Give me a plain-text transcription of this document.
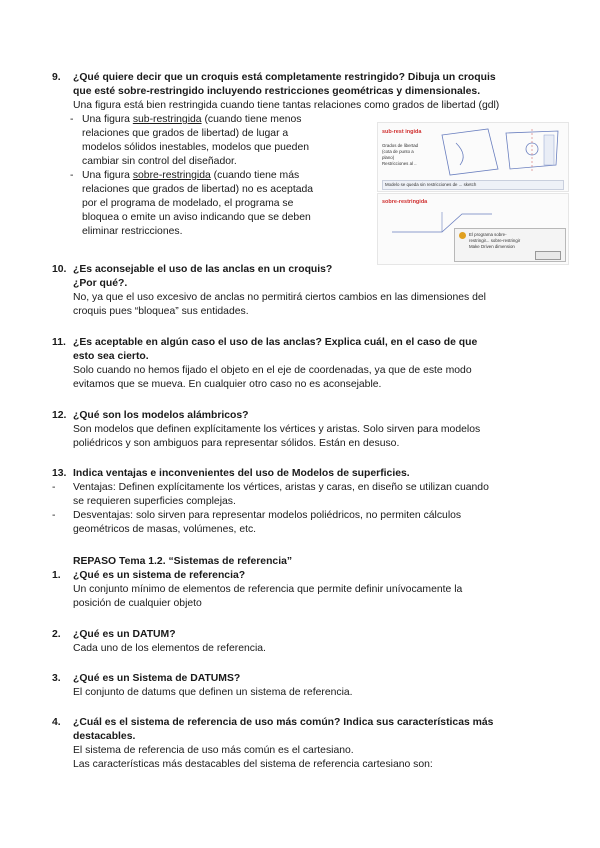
9. ¿Qué quiere decir que un croquis está completamente restringido? Dibuja un croquis
que esté sobre-restringido incluyendo restricciones geométricas y dimensionales.
Una figura está bien restringida cuando tiene tantas relaciones como grados de libertad (gdl)
- Una figura sub-restringida (cuando tiene menos
relaciones que grados de libertad) de lugar a
modelos sólidos inestables, modelos que pueden
cambiar sin control del diseñador.
- Una figura sobre-restringida (cuando tiene más
relaciones que grados de libertad) no es aceptada
por el programa de modelado, el programa se
bloquea o emite un aviso indicando que se deben
eliminar restricciones.
sub-rest ingida
Grados de libertad
(cota de punto a
plano)
Restricciones al ..
Modelo se queda sin restricciones de ... sketch
sobre-restringida
El programa sobre-
restringir... sobre-restringir
Make Driven dimension
10. ¿Es aconsejable el uso de las anclas en un croquis?
¿Por qué?.
No, ya que el uso excesivo de anclas no permitirá ciertos cambios en las dimensiones del
croquis pues “bloquea” sus entidades.
11. ¿Es aceptable en algún caso el uso de las anclas? Explica cuál, en el caso de que
esto sea cierto.
Solo cuando no hemos fijado el objeto en el eje de coordenadas, ya que de este modo
evitamos que se mueva. En cualquier otro caso no es aconsejable.
12. ¿Qué son los modelos alámbricos?
Son modelos que definen explícitamente los vértices y aristas. Solo sirven para modelos
poliédricos y son ambiguos para representar sólidos. Están en desuso.
13. Indica ventajas e inconvenientes del uso de Modelos de superficies.
- Ventajas: Definen explícitamente los vértices, aristas y caras, en diseño se utilizan cuando
se requieren superficies complejas.
- Desventajas: solo sirven para representar modelos poliédricos, no permiten cálculos
geométricos de masas, volúmenes, etc.
REPASO Tema 1.2. “Sistemas de referencia”
1. ¿Qué es un sistema de referencia?
Un conjunto mínimo de elementos de referencia que permite definir unívocamente la
posición de cualquier objeto
2. ¿Qué es un DATUM?
Cada uno de los elementos de referencia.
3. ¿Qué es un Sistema de DATUMS?
El conjunto de datums que definen un sistema de referencia.
4. ¿Cuál es el sistema de referencia de uso más común? Indica sus características más
destacables.
El sistema de referencia de uso más común es el cartesiano.
Las características más destacables del sistema de referencia cartesiano son:
